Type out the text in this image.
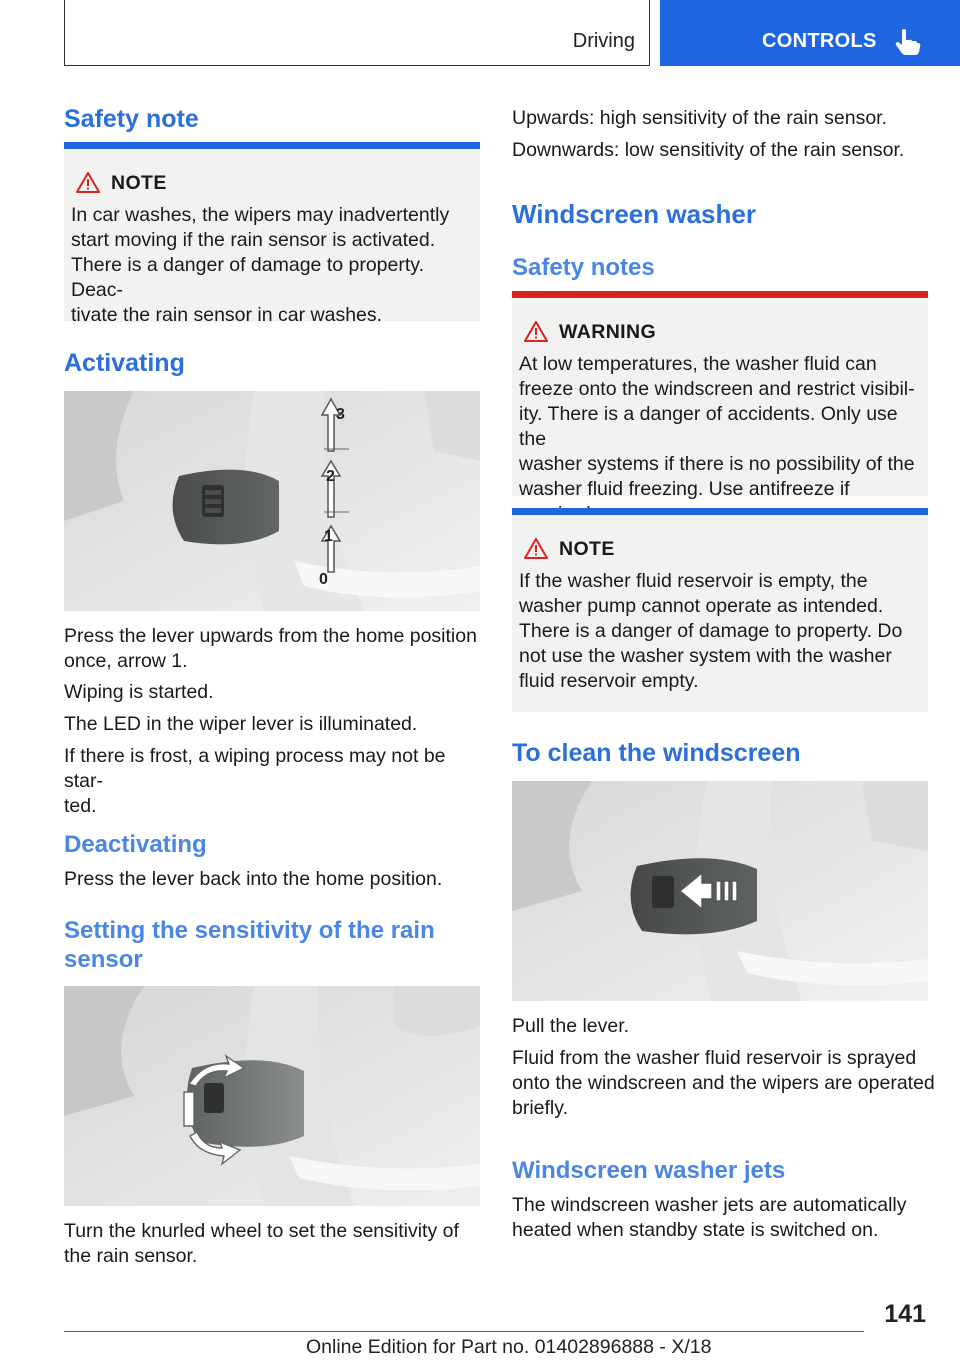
Driving	CONTROLS
Safety note
NOTE
In car washes, the wipers may inadvertently
start moving if the rain sensor is activated.
There is a danger of damage to property. Deac-
tivate the rain sensor in car washes.
Activating
3
2
1
0
Press the lever upwards from the home position
once, arrow 1.
Wiping is started.
The LED in the wiper lever is illuminated.
If there is frost, a wiping process may not be star-
ted.
Deactivating
Press the lever back into the home position.
Setting the sensitivity of the rain
sensor
Turn the knurled wheel to set the sensitivity of
the rain sensor.
Upwards: high sensitivity of the rain sensor.
Downwards: low sensitivity of the rain sensor.
Windscreen washer
Safety notes
WARNING
At low temperatures, the washer fluid can
freeze onto the windscreen and restrict visibil-
ity. There is a danger of accidents. Only use the
washer systems if there is no possibility of the
washer fluid freezing. Use antifreeze if
NOTE
If the washer fluid reservoir is empty, the
washer pump cannot operate as intended.
There is a danger of damage to property. Do
not use the washer system with the washer
fluid reservoir empty.
To clean the windscreen
Pull the lever.
Fluid from the washer fluid reservoir is sprayed
onto the windscreen and the wipers are operated
briefly.
Windscreen washer jets
The windscreen washer jets are automatically
heated when standby state is switched on.
141
Online Edition for Part no. 01402896888 - X/18
